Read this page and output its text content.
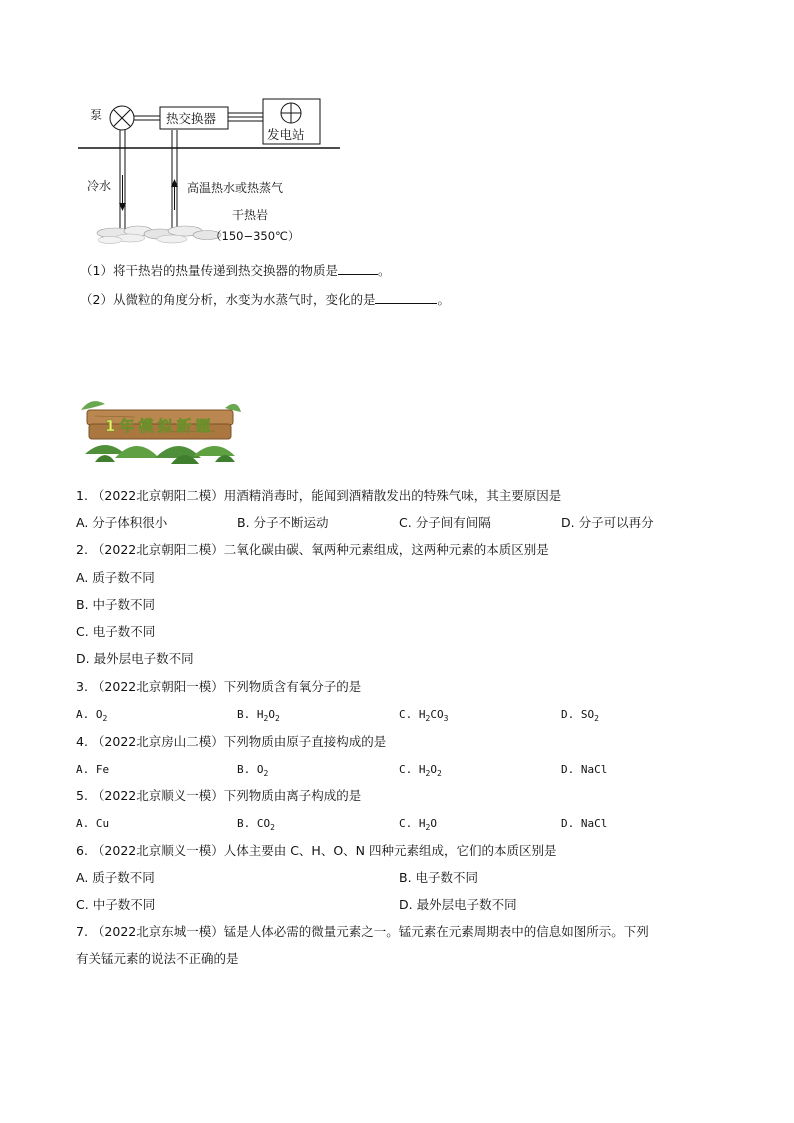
泵	热交换器
发电站
冷水	高温热水或热蒸气
干热岩
（150−350℃）
（1）将干热岩的热量传递到热交换器的物质是	。
（2）从微粒的角度分析，水变为水蒸气时，变化的是	。
1年模拟新题
1. （2022北京朝阳二模）用酒精消毒时，能闻到酒精散发出的特殊气味，其主要原因是
A. 分子体积很小	B. 分子不断运动	C. 分子间有间隔	D. 分子可以再分
2. （2022北京朝阳二模）二氧化碳由碳、氧两种元素组成，这两种元素的本质区别是
A. 质子数不同
B. 中子数不同
C. 电子数不同
D. 最外层电子数不同
3. （2022北京朝阳一模）下列物质含有氧分子的是
A. $O_2$	B. $H_2O_2$	C. $H_2CO_3$	D. $SO_2$
4. （2022北京房山二模）下列物质由原子直接构成的是
A. Fe	B. $O_2$	C. $H_2O_2$	D. NaCl
5. （2022北京顺义一模）下列物质由离子构成的是
A. Cu	B. $CO_2$	C. $H_2O$	D. NaCl
6. （2022北京顺义一模）人体主要由 C、H、O、N 四种元素组成，它们的本质区别是
A. 质子数不同	B. 电子数不同
C. 中子数不同	D. 最外层电子数不同
7. （2022北京东城一模）锰是人体必需的微量元素之一。锰元素在元素周期表中的信息如图所示。下列
有关锰元素的说法不正确的是
